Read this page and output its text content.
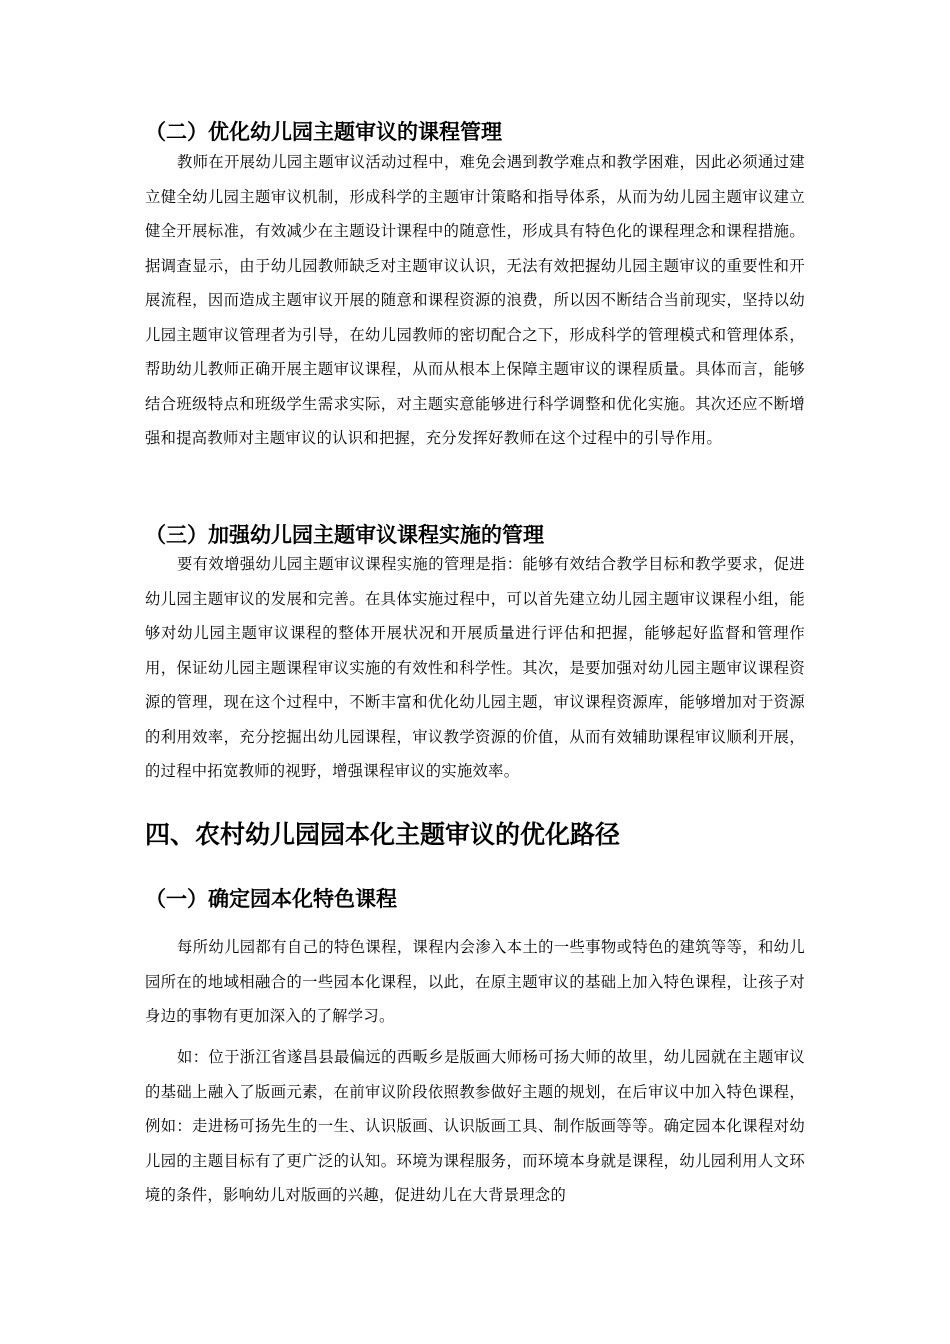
（二）优化幼儿园主题审议的课程管理

教师在开展幼儿园主题审议活动过程中，难免会遇到教学难点和教学困难，因此必须通过建立健全幼儿园主题审议机制，形成科学的主题审计策略和指导体系，从而为幼儿园主题审议建立健全开展标准，有效减少在主题设计课程中的随意性，形成具有特色化的课程理念和课程措施。据调查显示，由于幼儿园教师缺乏对主题审议认识，无法有效把握幼儿园主题审议的重要性和开展流程，因而造成主题审议开展的随意和课程资源的浪费，所以因不断结合当前现实，坚持以幼儿园主题审议管理者为引导，在幼儿园教师的密切配合之下，形成科学的管理模式和管理体系，帮助幼儿教师正确开展主题审议课程，从而从根本上保障主题审议的课程质量。具体而言，能够结合班级特点和班级学生需求实际，对主题实意能够进行科学调整和优化实施。其次还应不断增强和提高教师对主题审议的认识和把握，充分发挥好教师在这个过程中的引导作用。

（三）加强幼儿园主题审议课程实施的管理

要有效增强幼儿园主题审议课程实施的管理是指：能够有效结合教学目标和教学要求，促进幼儿园主题审议的发展和完善。在具体实施过程中，可以首先建立幼儿园主题审议课程小组，能够对幼儿园主题审议课程的整体开展状况和开展质量进行评估和把握，能够起好监督和管理作用，保证幼儿园主题课程审议实施的有效性和科学性。其次，是要加强对幼儿园主题审议课程资源的管理，现在这个过程中，不断丰富和优化幼儿园主题，审议课程资源库，能够增加对于资源的利用效率，充分挖掘出幼儿园课程，审议教学资源的价值，从而有效辅助课程审议顺利开展，的过程中拓宽教师的视野，增强课程审议的实施效率。

四、农村幼儿园园本化主题审议的优化路径
（一）确定园本化特色课程

每所幼儿园都有自己的特色课程，课程内会渗入本土的一些事物或特色的建筑等等，和幼儿园所在的地域相融合的一些园本化课程，以此，在原主题审议的基础上加入特色课程，让孩子对身边的事物有更加深入的了解学习。

如：位于浙江省遂昌县最偏远的西畈乡是版画大师杨可扬大师的故里，幼儿园就在主题审议的基础上融入了版画元素，在前审议阶段依照教参做好主题的规划，在后审议中加入特色课程，例如：走进杨可扬先生的一生、认识版画、认识版画工具、制作版画等等。确定园本化课程对幼儿园的主题目标有了更广泛的认知。环境为课程服务，而环境本身就是课程，幼儿园利用人文环境的条件，影响幼儿对版画的兴趣，促进幼儿在大背景理念的
